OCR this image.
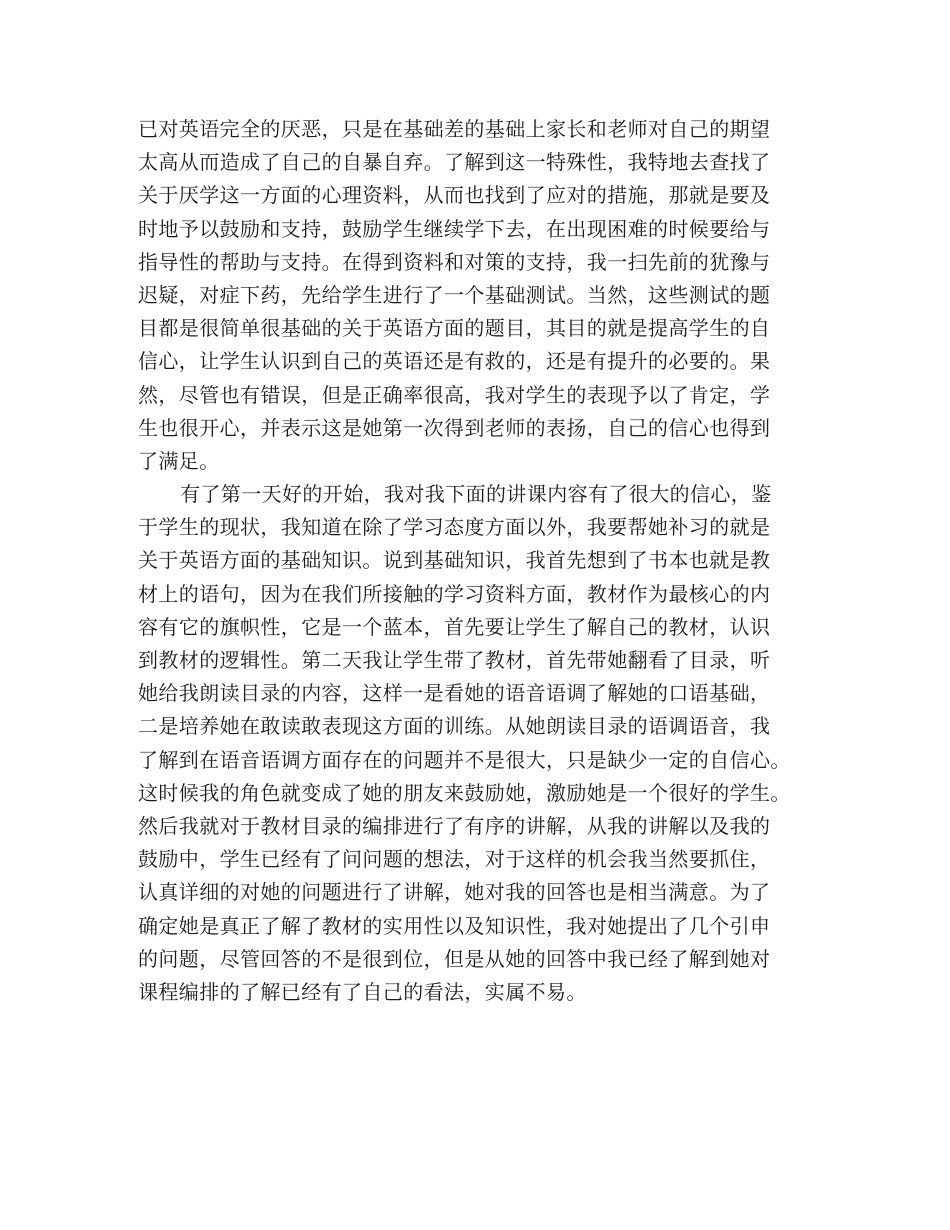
已对英语完全的厌恶，只是在基础差的基础上家长和老师对自己的期望
太高从而造成了自己的自暴自弃。了解到这一特殊性，我特地去查找了
关于厌学这一方面的心理资料，从而也找到了应对的措施，那就是要及
时地予以鼓励和支持，鼓励学生继续学下去，在出现困难的时候要给与
指导性的帮助与支持。在得到资料和对策的支持，我一扫先前的犹豫与
迟疑，对症下药，先给学生进行了一个基础测试。当然，这些测试的题
目都是很简单很基础的关于英语方面的题目，其目的就是提高学生的自
信心，让学生认识到自己的英语还是有救的，还是有提升的必要的。果
然，尽管也有错误，但是正确率很高，我对学生的表现予以了肯定，学
生也很开心，并表示这是她第一次得到老师的表扬，自己的信心也得到
了满足。
有了第一天好的开始，我对我下面的讲课内容有了很大的信心，鉴
于学生的现状，我知道在除了学习态度方面以外，我要帮她补习的就是
关于英语方面的基础知识。说到基础知识，我首先想到了书本也就是教
材上的语句，因为在我们所接触的学习资料方面，教材作为最核心的内
容有它的旗帜性，它是一个蓝本，首先要让学生了解自己的教材，认识
到教材的逻辑性。第二天我让学生带了教材，首先带她翻看了目录，听
她给我朗读目录的内容，这样一是看她的语音语调了解她的口语基础，
二是培养她在敢读敢表现这方面的训练。从她朗读目录的语调语音，我
了解到在语音语调方面存在的问题并不是很大，只是缺少一定的自信心。
这时候我的角色就变成了她的朋友来鼓励她，激励她是一个很好的学生。
然后我就对于教材目录的编排进行了有序的讲解，从我的讲解以及我的
鼓励中，学生已经有了问问题的想法，对于这样的机会我当然要抓住，
认真详细的对她的问题进行了讲解，她对我的回答也是相当满意。为了
确定她是真正了解了教材的实用性以及知识性，我对她提出了几个引申
的问题，尽管回答的不是很到位，但是从她的回答中我已经了解到她对
课程编排的了解已经有了自己的看法，实属不易。
